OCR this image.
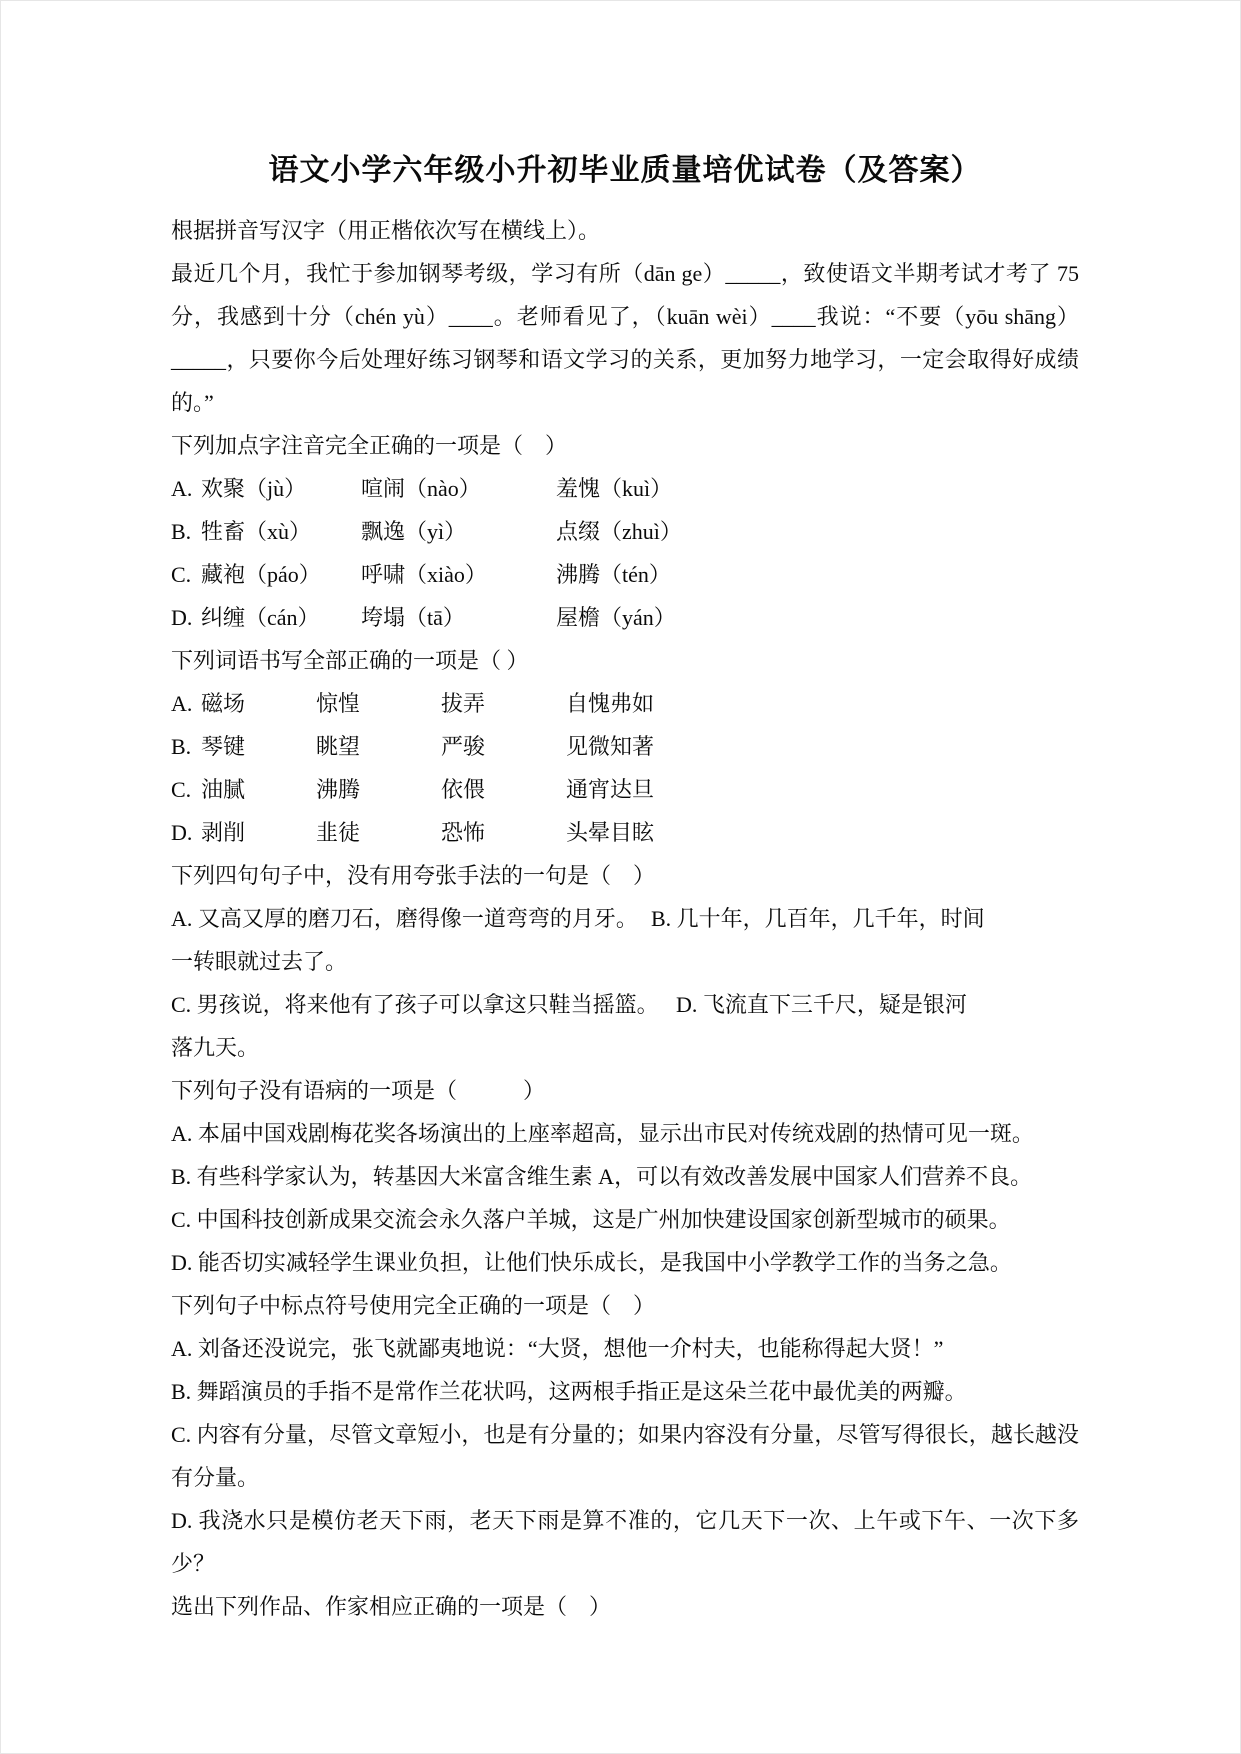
语文小学六年级小升初毕业质量培优试卷（及答案）
根据拼音写汉字（用正楷依次写在横线上）。
最近几个月，我忙于参加钢琴考级，学习有所（dān ge）_____，致使语文半期考试才考了 75 分，我感到十分（chén yù）____。老师看见了，（kuān wèi）____我说：“不要（yōu shāng）_____，只要你今后处理好练习钢琴和语文学习的关系，更加努力地学习，一定会取得好成绩的。”
下列加点字注音完全正确的一项是（　）
A. 欢聚（jù） 喧闹（nào）	羞愧（kuì）
B. 牲畜（xù） 飘逸（yì）	点缀（zhuì）
C. 藏袍（páo） 呼啸（xiào）	沸腾（tén）
D. 纠缠（cán） 垮塌（tā）	屋檐（yán）
下列词语书写全部正确的一项是（ ）
A. 磁场	惊惶	拔弄	自愧弗如
B. 琴键	眺望	严骏	见微知著
C. 油腻	沸腾	依偎	通宵达旦
D. 剥削	韭徒	恐怖	头晕目眩
下列四句句子中，没有用夸张手法的一句是（　）
A. 又高又厚的磨刀石，磨得像一道弯弯的月牙。 B. 几十年，几百年，几千年，时间
一转眼就过去了。
C. 男孩说，将来他有了孩子可以拿这只鞋当摇篮。 D. 飞流直下三千尺，疑是银河
落九天。
下列句子没有语病的一项是（　　　）
A. 本届中国戏剧梅花奖各场演出的上座率超高，显示出市民对传统戏剧的热情可见一斑。
B. 有些科学家认为，转基因大米富含维生素 A，可以有效改善发展中国家人们营养不良。
C. 中国科技创新成果交流会永久落户羊城，这是广州加快建设国家创新型城市的硕果。
D. 能否切实减轻学生课业负担，让他们快乐成长，是我国中小学教学工作的当务之急。
下列句子中标点符号使用完全正确的一项是（　）
A. 刘备还没说完，张飞就鄙夷地说：“大贤，想他一介村夫，也能称得起大贤！”
B. 舞蹈演员的手指不是常作兰花状吗，这两根手指正是这朵兰花中最优美的两瓣。
C. 内容有分量，尽管文章短小，也是有分量的；如果内容没有分量，尽管写得很长，越长越没有分量。
D. 我浇水只是模仿老天下雨，老天下雨是算不准的，它几天下一次、上午或下午、一次下多少？
选出下列作品、作家相应正确的一项是（　）
